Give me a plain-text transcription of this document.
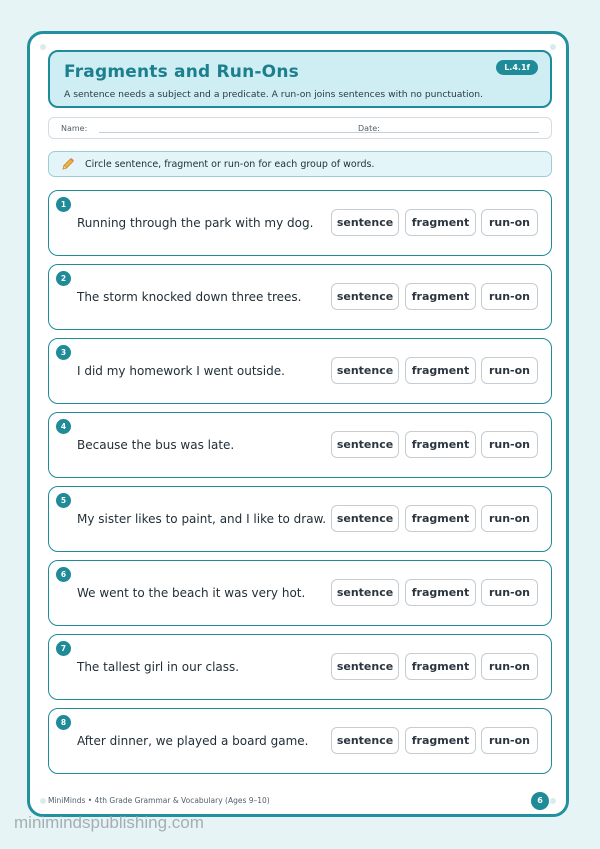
Fragments and Run-Ons
A sentence needs a subject and a predicate. A run-on joins sentences with no punctuation.
L.4.1f
Name:	Date:
Circle sentence, fragment or run-on for each group of words.
1
Running through the park with my dog.	sentence	fragment	run-on
2
The storm knocked down three trees.	sentence	fragment	run-on
3
I did my homework I went outside.	sentence	fragment	run-on
4
Because the bus was late.	sentence	fragment	run-on
5
My sister likes to paint, and I like to draw. sentence	fragment	run-on
6
We went to the beach it was very hot.	sentence	fragment	run-on
7
The tallest girl in our class.	sentence	fragment	run-on
8
After dinner, we played a board game.	sentence	fragment	run-on
MiniMinds • 4th Grade Grammar & Vocabulary (Ages 9–10)	6
minimindspublishing.com
